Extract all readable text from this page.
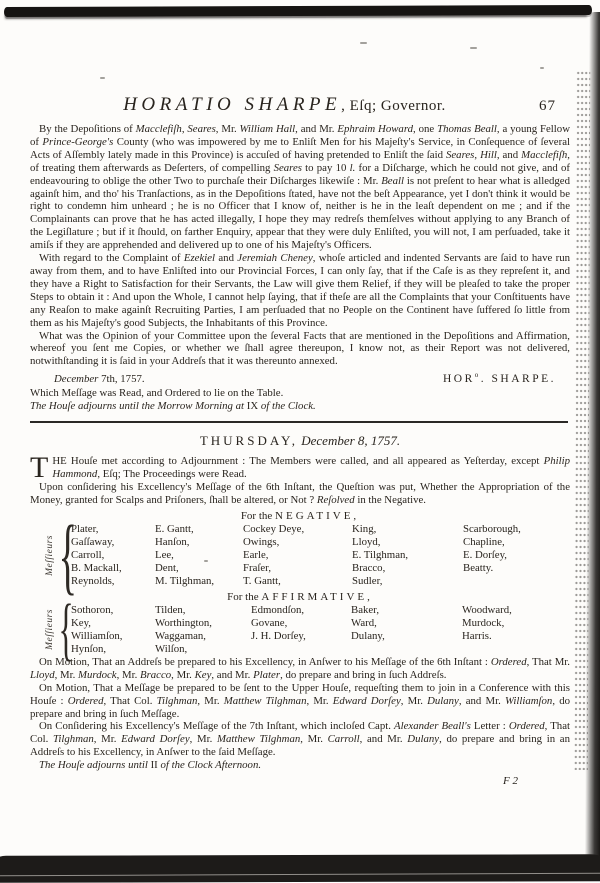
HORATIO SHARPE, Eſq; Governor.	67

By the Depoſitions of Macclefiſh, Seares, Mr. William Hall, and Mr. Ephraim Howard, one Thomas Beall, a young Fellow of Prince-George's County (who was impowered by me to Enliſt Men for his Majeſty's Service, in Conſequence of ſeveral Acts of Aſſembly lately made in this Province) is accuſed of having pretended to Enliſt the ſaid Seares, Hill, and Macclefiſh, of treating them afterwards as Deſerters, of compelling Seares to pay 10 l. for a Diſcharge, which he could not give, and of endeavouring to oblige the other Two to purchaſe their Diſcharges likewiſe : Mr. Beall is not preſent to hear what is alledged againſt him, and tho' his Tranſactions, as in the Depoſitions ſtated, have not the beſt Appearance, yet I don't think it would be right to condemn him unheard ; he is no Officer that I know of, neither is he in the leaſt dependent on me ; and if the Complainants can prove that he has acted illegally, I hope they may redreſs themſelves without applying to any Branch of the Legiſlature ; but if it ſhould, on farther Enquiry, appear that they were duly Enliſted, you will not, I am perſuaded, take it amiſs if they are apprehended and delivered up to one of his Majeſty's Officers.

With regard to the Complaint of Ezekiel and Jeremiah Cheney, whoſe articled and indented Servants are ſaid to have run away from them, and to have Enliſted into our Provincial Forces, I can only ſay, that if the Caſe is as they repreſent it, and they have a Right to Satisfaction for their Servants, the Law will give them Relief, if they will be pleaſed to take the proper Steps to obtain it : And upon the Whole, I cannot help ſaying, that if theſe are all the Complaints that your Conſtituents have any Reaſon to make againſt Recruiting Parties, I am perſuaded that no People on the Continent have ſuffered ſo little from them as his Majeſty's good Subjects, the Inhabitants of this Province.

What was the Opinion of your Committee upon the ſeveral Facts that are mentioned in the Depoſitions and Affirmation, whereof you ſent me Copies, or whether we ſhall agree thereupon, I know not, as their Report was not delivered, notwithſtanding it is ſaid in your Addreſs that it was thereunto annexed.

December 7th, 1757.	HOR$^o$. SHARPE.

Which Meſſage was Read, and Ordered to lie on the Table.

The Houſe adjourns until the Morrow Morning at IX of the Clock.

THURSDAY, December 8, 1757.

THE Houſe met according to Adjournment : The Members were called, and all appeared as Yeſterday, except Philip Hammond, Eſq; The Proceedings were Read.

Upon conſidering his Excellency's Meſſage of the 6th Inſtant, the Queſtion was put, Whether the Appropriation of the Money, granted for Scalps and Priſoners, ſhall be altered, or Not ? Reſolved in the Negative.

For the NEGATIVE,
Meſſieurs {
Plater,
Gaſſaway,
Carroll,
B. Mackall,
Reynolds,
E. Gantt,
Hanſon,
Lee,
Dent,
M. Tilghman,
Cockey Deye,
Owings,
Earle,
Fraſer,
T. Gantt,
King,
Lloyd,
E. Tilghman,
Bracco,
Sudler,
Scarborough,
Chapline,
E. Dorſey,
Beatty.
For the AFFIRMATIVE,
Meſſieurs {
Sothoron,
Key,
Williamſon,
Hynſon,
Tilden,
Worthington,
Waggaman,
Wilſon,
Edmondſon,
Govane,
J. H. Dorſey,
Baker,
Ward,
Dulany,
Woodward,
Murdock,
Harris.

On Motion, That an Addreſs be prepared to his Excellency, in Anſwer to his Meſſage of the 6th Inſtant : Ordered, That Mr. Lloyd, Mr. Murdock, Mr. Bracco, Mr. Key, and Mr. Plater, do prepare and bring in ſuch Addreſs.

On Motion, That a Meſſage be prepared to be ſent to the Upper Houſe, requeſting them to join in a Conference with this Houſe : Ordered, That Col. Tilghman, Mr. Matthew Tilghman, Mr. Edward Dorſey, Mr. Dulany, and Mr. Williamſon, do prepare and bring in ſuch Meſſage.

On Conſidering his Excellency's Meſſage of the 7th Inſtant, which incloſed Capt. Alexander Beall's Letter : Ordered, That Col. Tilghman, Mr. Edward Dorſey, Mr. Matthew Tilghman, Mr. Carroll, and Mr. Dulany, do prepare and bring in an Addreſs to his Excellency, in Anſwer to the ſaid Meſſage.

The Houſe adjourns until II of the Clock Afternoon.

F 2
